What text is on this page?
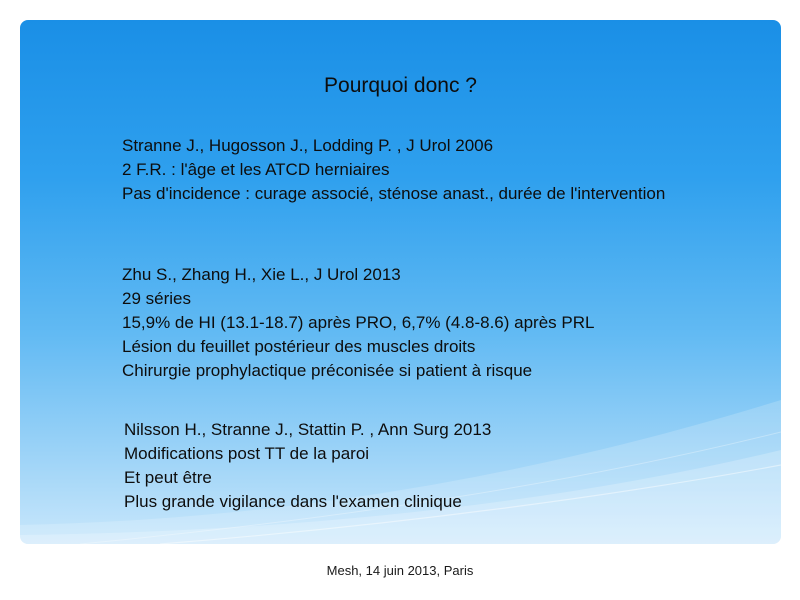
Pourquoi donc ?
Stranne J., Hugosson J., Lodding P. , J Urol 2006
2 F.R. : l'âge et les ATCD herniaires
Pas d'incidence : curage associé, sténose anast., durée de l'intervention
Zhu S., Zhang H., Xie L., J Urol 2013
29 séries
15,9% de HI (13.1-18.7) après PRO, 6,7% (4.8-8.6) après PRL
Lésion du feuillet postérieur des muscles droits
Chirurgie prophylactique préconisée si patient à risque
Nilsson H., Stranne J., Stattin P. , Ann Surg 2013
Modifications post TT de la paroi
Et peut être
Plus grande vigilance dans l'examen clinique
Mesh, 14 juin 2013, Paris
